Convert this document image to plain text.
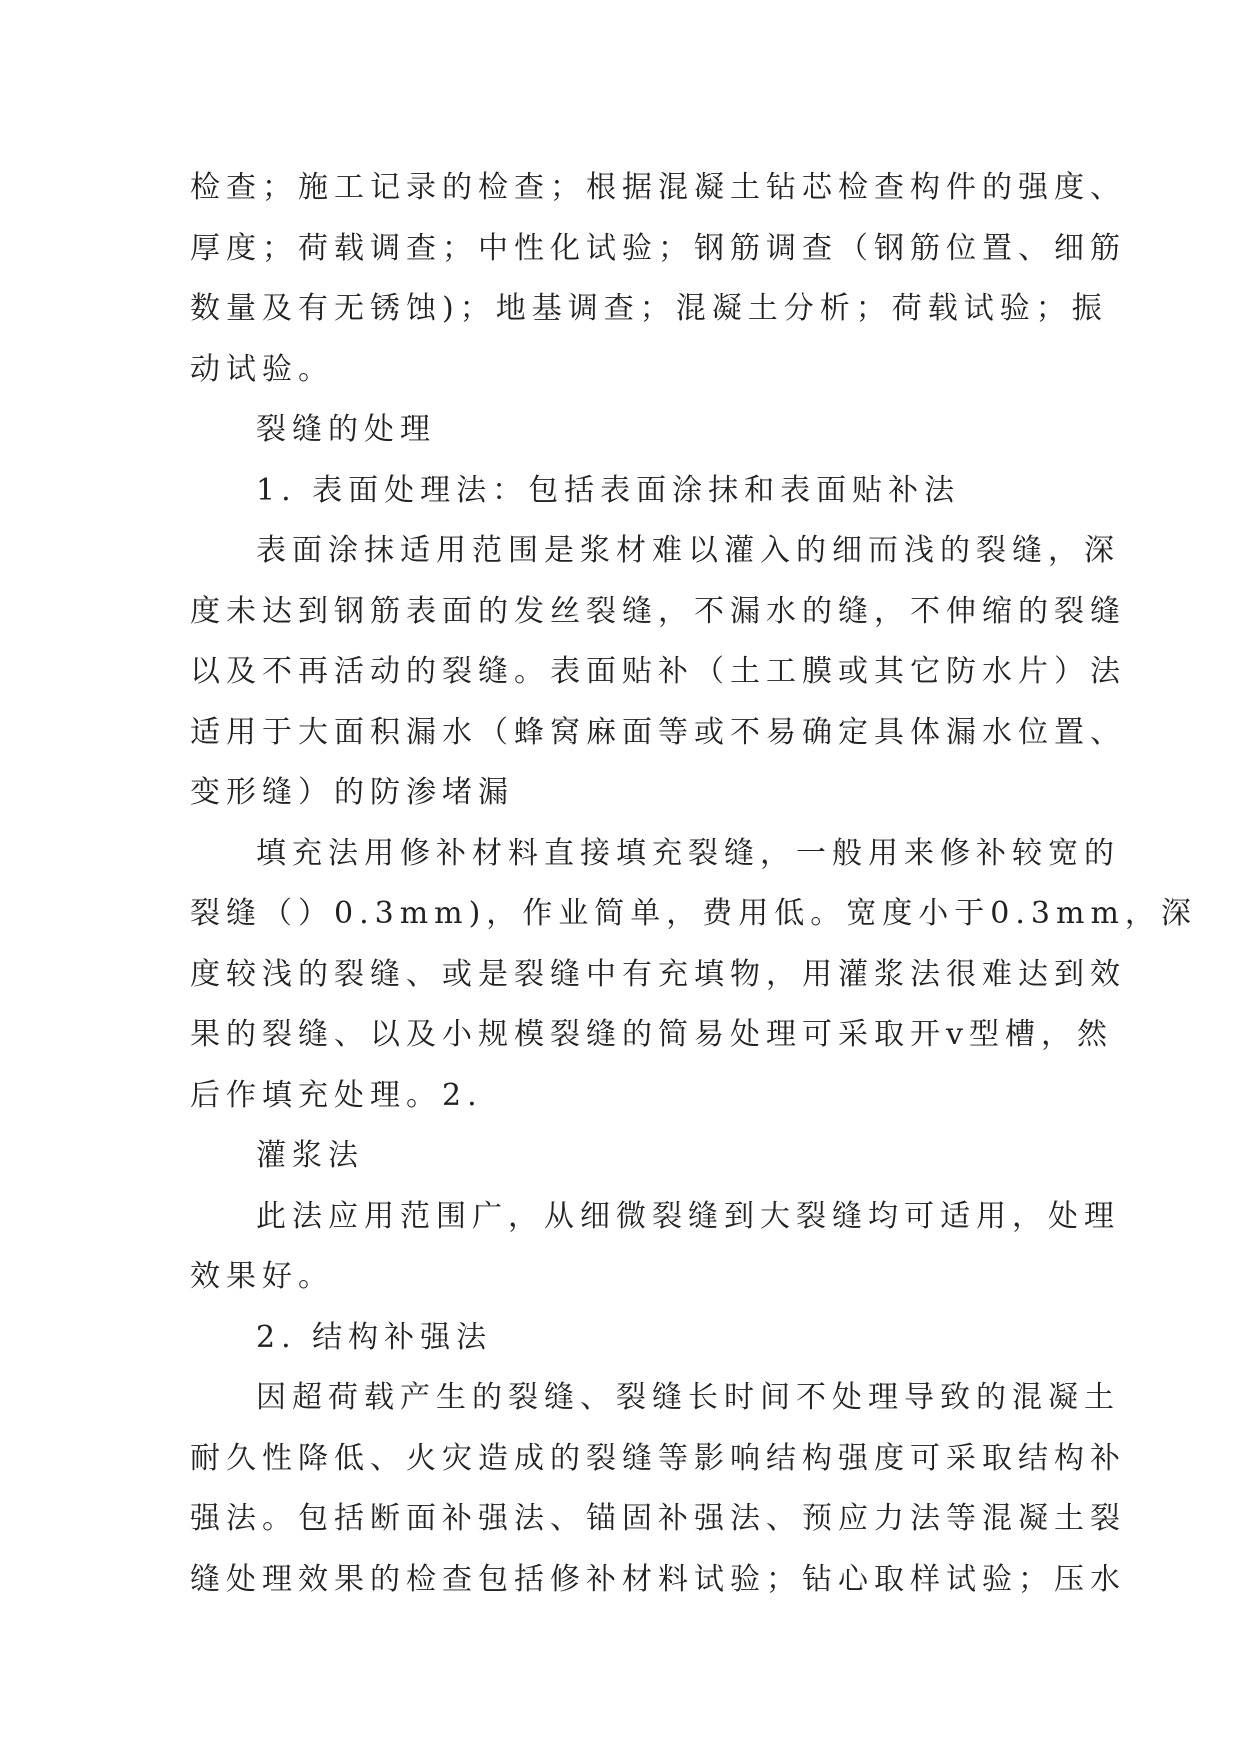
检查；施工记录的检查；根据混凝土钻芯检查构件的强度、
厚度；荷载调查；中性化试验；钢筋调查（钢筋位置、细筋
数量及有无锈蚀)；地基调查；混凝土分析；荷载试验；振
动试验。
裂缝的处理
1. 表面处理法：包括表面涂抹和表面贴补法
表面涂抹适用范围是浆材难以灌入的细而浅的裂缝，深
度未达到钢筋表面的发丝裂缝，不漏水的缝，不伸缩的裂缝
以及不再活动的裂缝。表面贴补（土工膜或其它防水片）法
适用于大面积漏水（蜂窝麻面等或不易确定具体漏水位置、
变形缝）的防渗堵漏
填充法用修补材料直接填充裂缝，一般用来修补较宽的
裂缝（）0.3mm)，作业简单，费用低。宽度小于0.3mm，深
度较浅的裂缝、或是裂缝中有充填物，用灌浆法很难达到效
果的裂缝、以及小规模裂缝的简易处理可采取开v型槽，然
后作填充处理。2.
灌浆法
此法应用范围广，从细微裂缝到大裂缝均可适用，处理
效果好。
2. 结构补强法
因超荷载产生的裂缝、裂缝长时间不处理导致的混凝土
耐久性降低、火灾造成的裂缝等影响结构强度可采取结构补
强法。包括断面补强法、锚固补强法、预应力法等混凝土裂
缝处理效果的检查包括修补材料试验；钻心取样试验；压水
